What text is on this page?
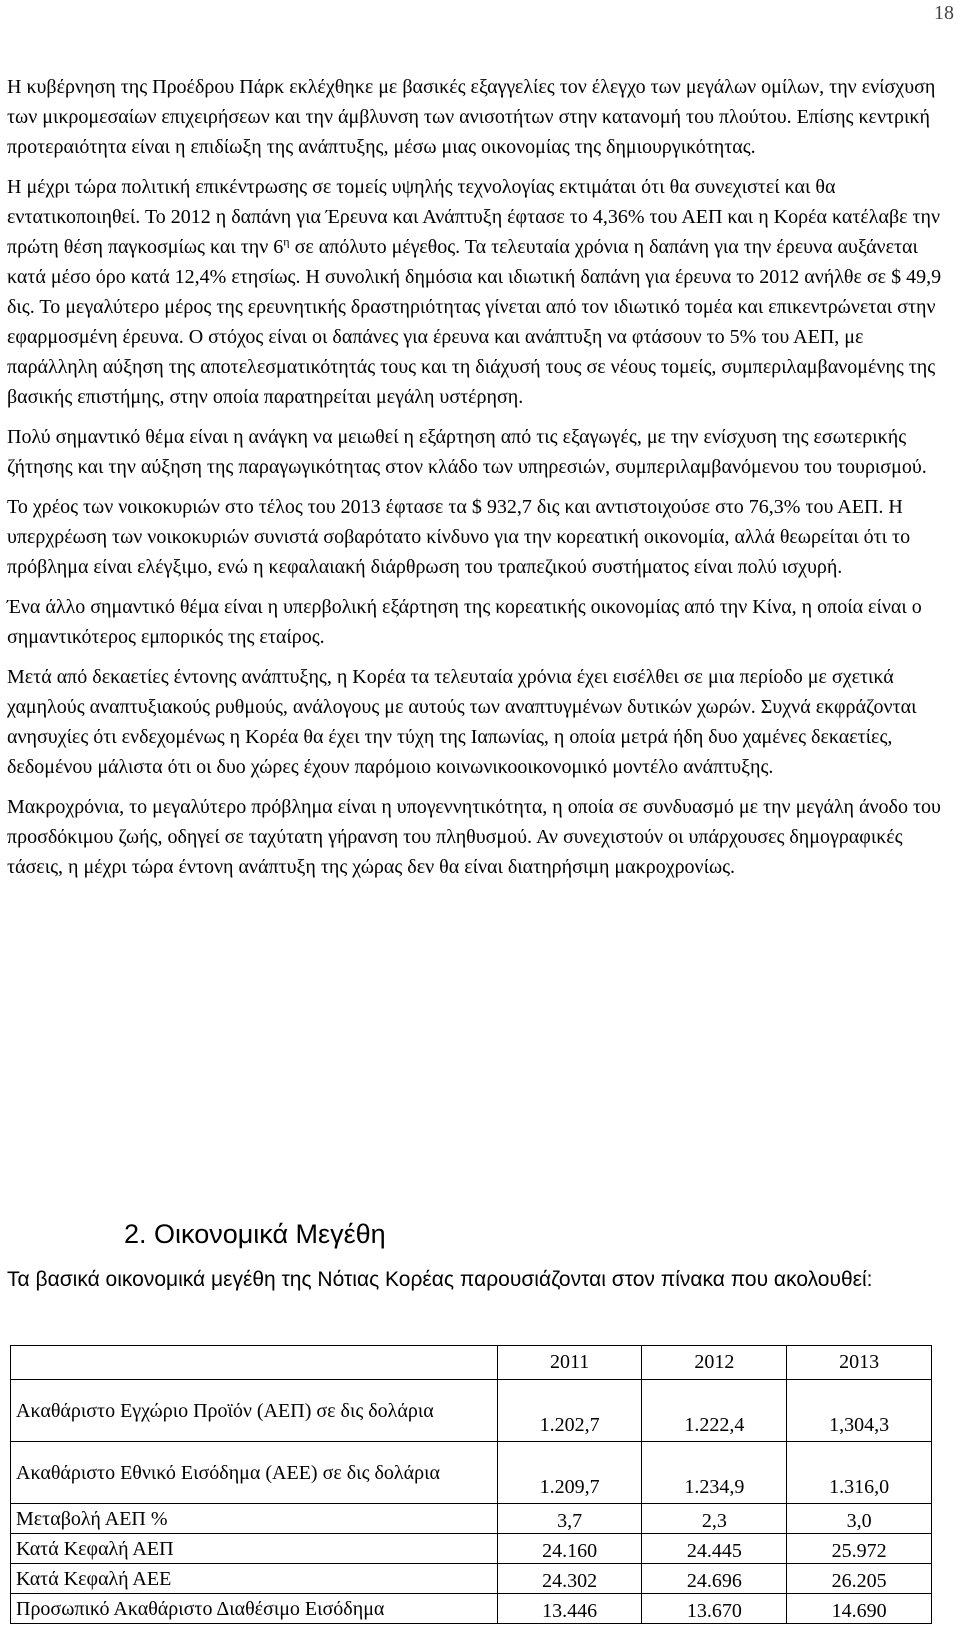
18

Η κυβέρνηση της Προέδρου Πάρκ εκλέχθηκε με βασικές εξαγγελίες τον έλεγχο των μεγάλων ομίλων, την ενίσχυση των μικρομεσαίων επιχειρήσεων και την άμβλυνση των ανισοτήτων στην κατανομή του πλούτου. Επίσης κεντρική προτεραιότητα είναι η επιδίωξη της ανάπτυξης, μέσω μιας οικονομίας της δημιουργικότητας.

Η μέχρι τώρα πολιτική επικέντρωσης σε τομείς υψηλής τεχνολογίας εκτιμάται ότι θα συνεχιστεί και θα εντατικοποιηθεί. Το 2012 η δαπάνη για Έρευνα και Ανάπτυξη έφτασε το 4,36% του ΑΕΠ και η Κορέα κατέλαβε την πρώτη θέση παγκοσμίως και την $6^\eta$ σε απόλυτο μέγεθος. Τα τελευταία χρόνια η δαπάνη για την έρευνα αυξάνεται κατά μέσο όρο κατά 12,4% ετησίως. Η συνολική δημόσια και ιδιωτική δαπάνη για έρευνα το 2012 ανήλθε σε $ 49,9 δις. Το μεγαλύτερο μέρος της ερευνητικής δραστηριότητας γίνεται από τον ιδιωτικό τομέα και επικεντρώνεται στην εφαρμοσμένη έρευνα. Ο στόχος είναι οι δαπάνες για έρευνα και ανάπτυξη να φτάσουν το 5% του ΑΕΠ, με παράλληλη αύξηση της αποτελεσματικότητάς τους και τη διάχυσή τους σε νέους τομείς, συμπεριλαμβανομένης της βασικής επιστήμης, στην οποία παρατηρείται μεγάλη υστέρηση.

Πολύ σημαντικό θέμα είναι η ανάγκη να μειωθεί η εξάρτηση από τις εξαγωγές, με την ενίσχυση της εσωτερικής ζήτησης και την αύξηση της παραγωγικότητας στον κλάδο των υπηρεσιών, συμπεριλαμβανόμενου του τουρισμού.

Το χρέος των νοικοκυριών στο τέλος του 2013 έφτασε τα $ 932,7 δις και αντιστοιχούσε στο 76,3% του ΑΕΠ. Η υπερχρέωση των νοικοκυριών συνιστά σοβαρότατο κίνδυνο για την κορεατική οικονομία, αλλά θεωρείται ότι το πρόβλημα είναι ελέγξιμο, ενώ η κεφαλαιακή διάρθρωση του τραπεζικού συστήματος είναι πολύ ισχυρή.

Ένα άλλο σημαντικό θέμα είναι η υπερβολική εξάρτηση της κορεατικής οικονομίας από την Κίνα, η οποία είναι ο σημαντικότερος εμπορικός της εταίρος.

Μετά από δεκαετίες έντονης ανάπτυξης, η Κορέα τα τελευταία χρόνια έχει εισέλθει σε μια περίοδο με σχετικά χαμηλούς αναπτυξιακούς ρυθμούς, ανάλογους με αυτούς των αναπτυγμένων δυτικών χωρών. Συχνά εκφράζονται ανησυχίες ότι ενδεχομένως η Κορέα θα έχει την τύχη της Ιαπωνίας, η οποία μετρά ήδη δυο χαμένες δεκαετίες, δεδομένου μάλιστα ότι οι δυο χώρες έχουν παρόμοιο κοινωνικοοικονομικό μοντέλο ανάπτυξης.

Μακροχρόνια, το μεγαλύτερο πρόβλημα είναι η υπογεννητικότητα, η οποία σε συνδυασμό με την μεγάλη άνοδο του προσδόκιμου ζωής, οδηγεί σε ταχύτατη γήρανση του πληθυσμού. Αν συνεχιστούν οι υπάρχουσες δημογραφικές τάσεις, η μέχρι τώρα έντονη ανάπτυξη της χώρας δεν θα είναι διατηρήσιμη μακροχρονίως.

2. Οικονομικά Μεγέθη

Τα βασικά οικονομικά μεγέθη της Νότιας Κορέας παρουσιάζονται στον πίνακα που ακολουθεί:

	2011	2012	2013
Ακαθάριστο Εγχώριο Προϊόν (ΑΕΠ) σε δις δολάρια	1.202,7	1.222,4	1,304,3
Ακαθάριστο Εθνικό Εισόδημα (ΑΕΕ) σε δις δολάρια	1.209,7	1.234,9	1.316,0
Μεταβολή ΑΕΠ %	3,7	2,3	3,0
Κατά Κεφαλή ΑΕΠ	24.160	24.445	25.972
Κατά Κεφαλή ΑΕΕ	24.302	24.696	26.205
Προσωπικό Ακαθάριστο Διαθέσιμο Εισόδημα	13.446	13.670	14.690
